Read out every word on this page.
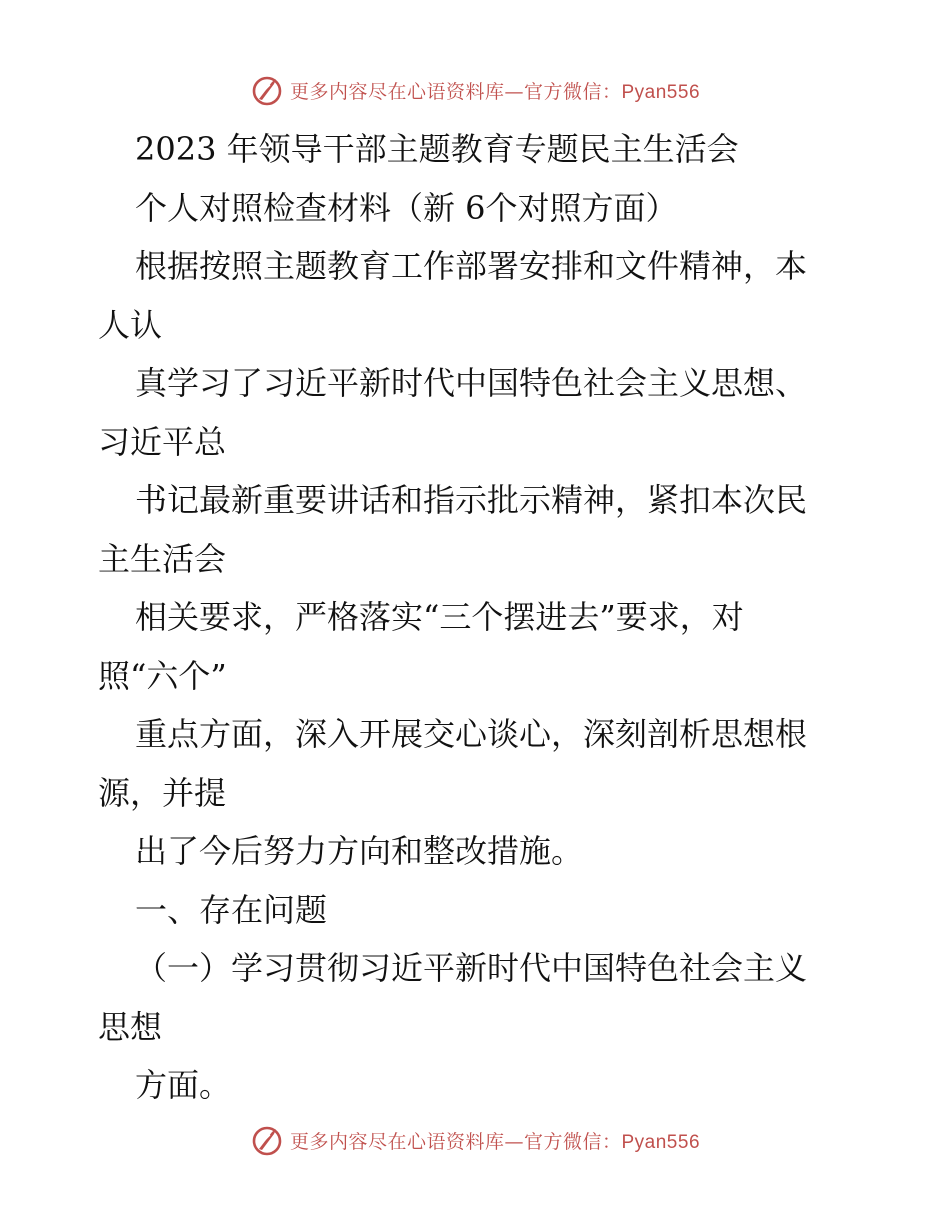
更多内容尽在心语资料库—官方微信：Pyan556
2023 年领导干部主题教育专题民主生活会
个人对照检查材料（新 6个对照方面）
根据按照主题教育工作部署安排和文件精神，本
人认
真学习了习近平新时代中国特色社会主义思想、
习近平总
书记最新重要讲话和指示批示精神，紧扣本次民
主生活会
相关要求，严格落实“三个摆进去”要求，对
照“六个”
重点方面，深入开展交心谈心，深刻剖析思想根
源，并提
出了今后努力方向和整改措施。
一、存在问题
（一）学习贯彻习近平新时代中国特色社会主义
思想
方面。
更多内容尽在心语资料库—官方微信：Pyan556
